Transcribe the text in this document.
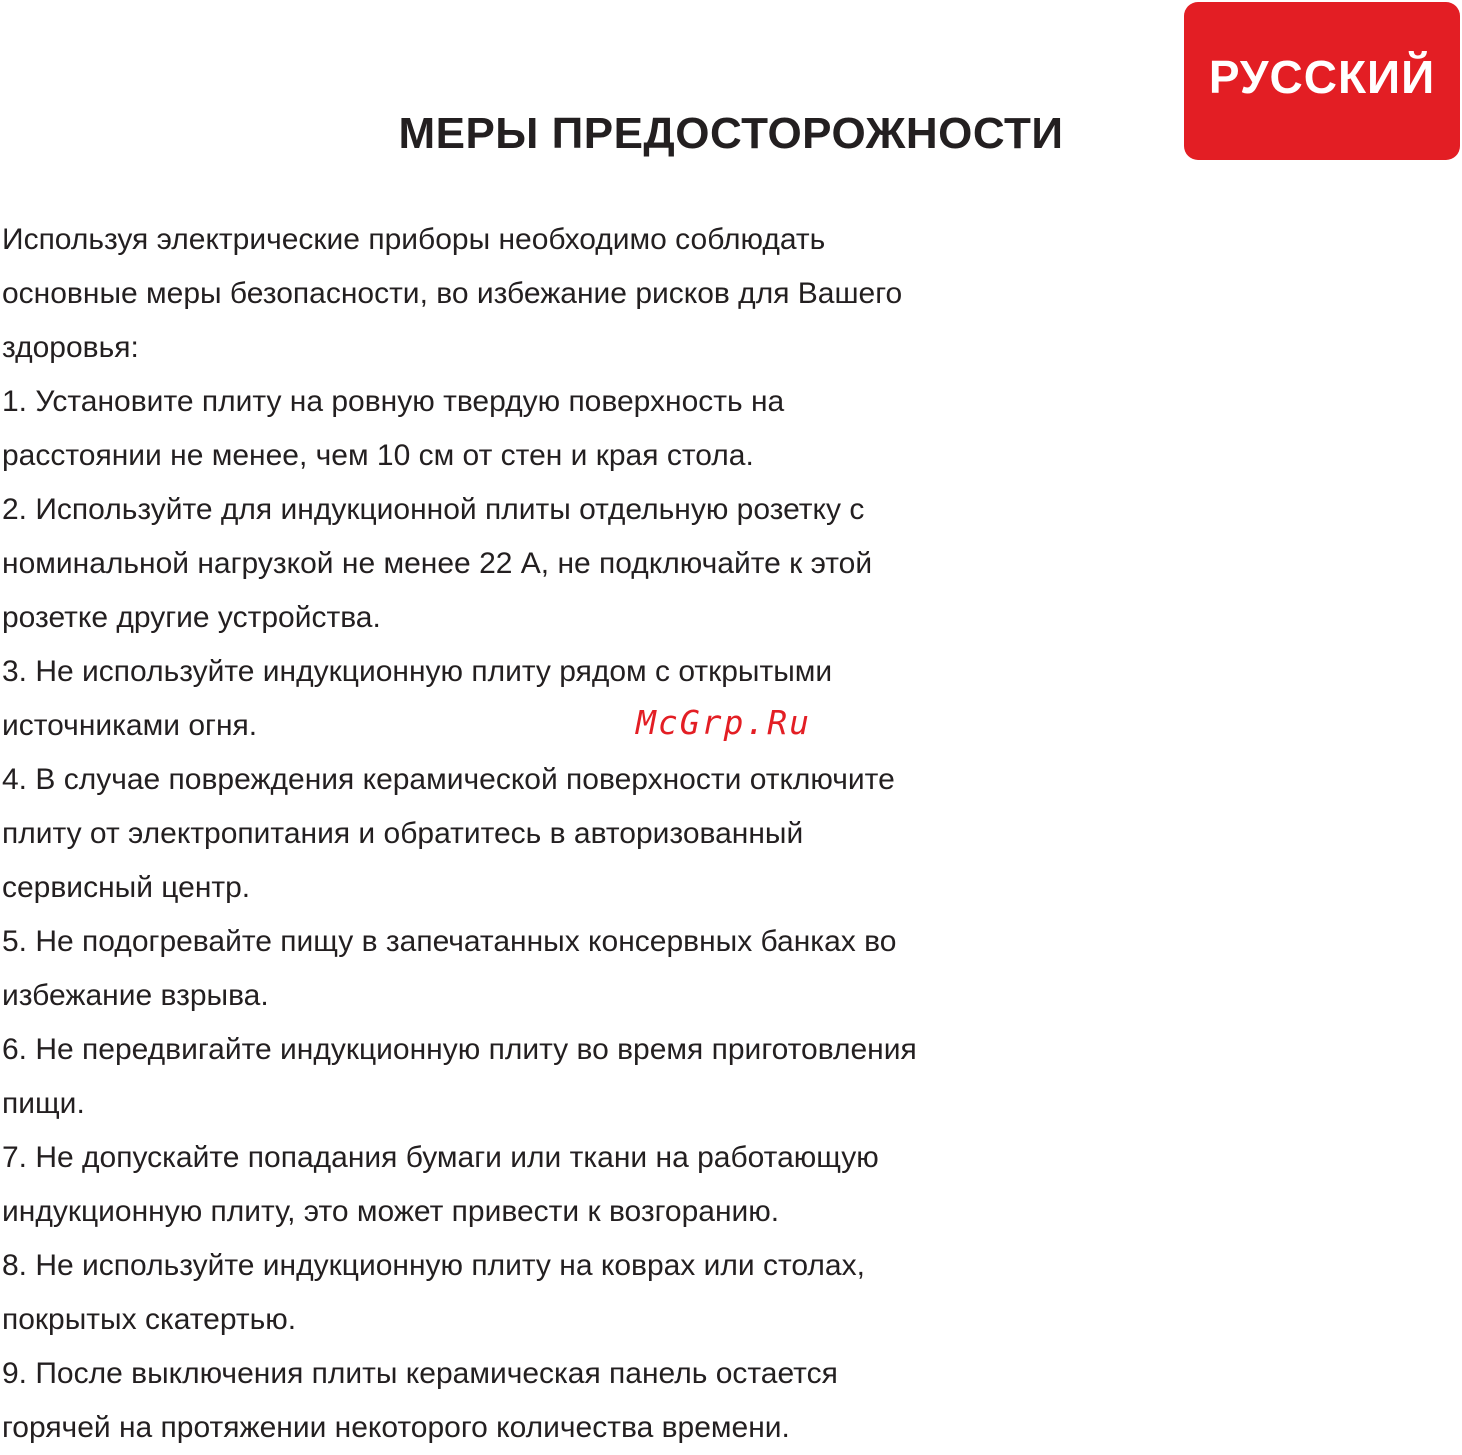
РУССКИЙ
МЕРЫ ПРЕДОСТОРОЖНОСТИ
Используя электрические приборы необходимо соблюдать
основные меры безопасности, во избежание рисков для Вашего
здоровья:
1. Установите плиту на ровную твердую поверхность на
расстоянии не менее, чем 10 см от стен и края стола.
2. Используйте для индукционной плиты отдельную розетку с
номинальной нагрузкой не менее 22 А, не подключайте к этой
розетке другие устройства.
3. Не используйте индукционную плиту рядом с открытыми
источниками огня.
4. В случае повреждения керамической поверхности отключите
плиту от электропитания и обратитесь в авторизованный
сервисный центр.
5. Не подогревайте пищу в запечатанных консервных банках во
избежание взрыва.
6. Не передвигайте индукционную плиту во время приготовления
пищи.
7. Не допускайте попадания бумаги или ткани на работающую
индукционную плиту, это может привести к возгоранию.
8. Не используйте индукционную плиту на коврах или столах,
покрытых скатертью.
9. После выключения плиты керамическая панель остается
горячей на протяжении некоторого количества времени.
McGrp.Ru
